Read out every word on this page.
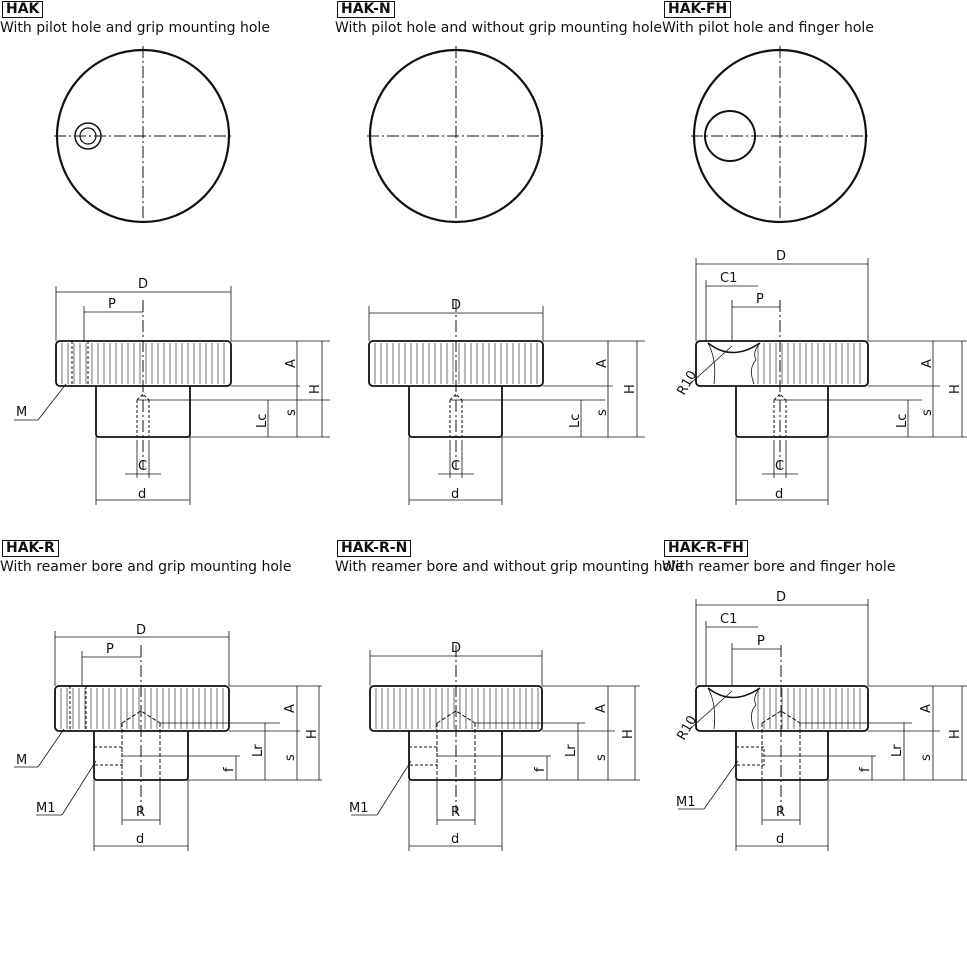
HAK
With pilot hole and grip mounting hole
D
P
A
H
s
Lc
C
d
M
HAK-N
With pilot hole and without grip mounting hole
D
A
H
s
Lc
C
d
HAK-FH
With pilot hole and finger hole
D
C1
P
A
H
s
Lc
C
d
R10
HAK-R
With reamer bore and grip mounting hole
D
P
A
H
s
Lr
f
R
d
M
M1
HAK-R-N
With reamer bore and without grip mounting hole
D
A
H
s
Lr
f
R
d
M1
HAK-R-FH
With reamer bore and finger hole
D
C1
P
A
H
s
Lr
f
R
d
R10
M1
